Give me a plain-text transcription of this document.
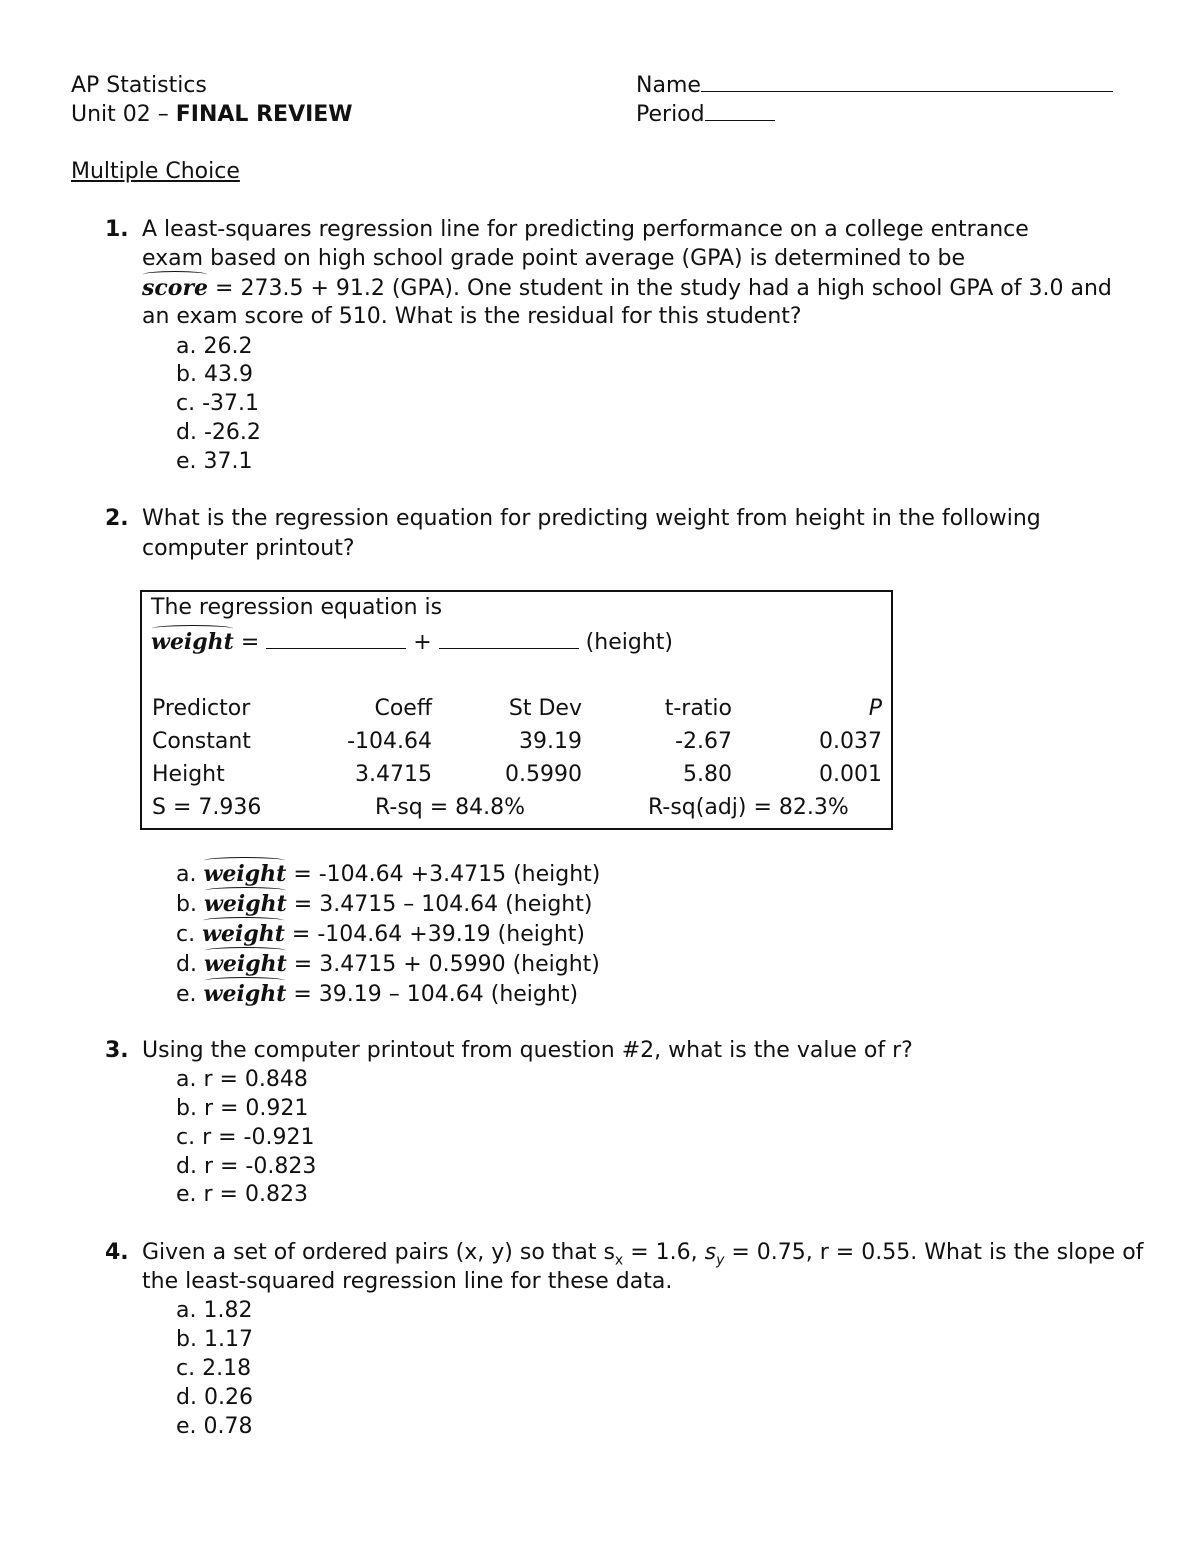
AP Statistics
Unit 02 – FINAL REVIEW
Name
Period
Multiple Choice
1. A least-squares regression line for predicting performance on a college entrance
exam based on high school grade point average (GPA) is determined to be
score = 273.5 + 91.2 (GPA). One student in the study had a high school GPA of 3.0 and
an exam score of 510. What is the residual for this student?
a. 26.2
b. 43.9
c. -37.1
d. -26.2
e. 37.1
2. What is the regression equation for predicting weight from height in the following
computer printout?
The regression equation is
weight =	+	(height)
Predictor	Coeff	St Dev	t-ratio	P
Constant	-104.64	39.19	-2.67	0.037
Height	3.4715	0.5990	5.80	0.001
S = 7.936	R-sq = 84.8%	R-sq(adj) = 82.3%
a. weight = -104.64 +3.4715 (height)
b. weight = 3.4715 – 104.64 (height)
c. weight = -104.64 +39.19 (height)
d. weight = 3.4715 + 0.5990 (height)
e. weight = 39.19 – 104.64 (height)
3. Using the computer printout from question #2, what is the value of r?
a. r = 0.848
b. r = 0.921
c. r = -0.921
d. r = -0.823
e. r = 0.823
4. Given a set of ordered pairs (x, y) so that $s_x = 1.6$, $s_y = 0.75$, r = 0.55. What is the slope of
the least-squared regression line for these data.
a. 1.82
b. 1.17
c. 2.18
d. 0.26
e. 0.78
